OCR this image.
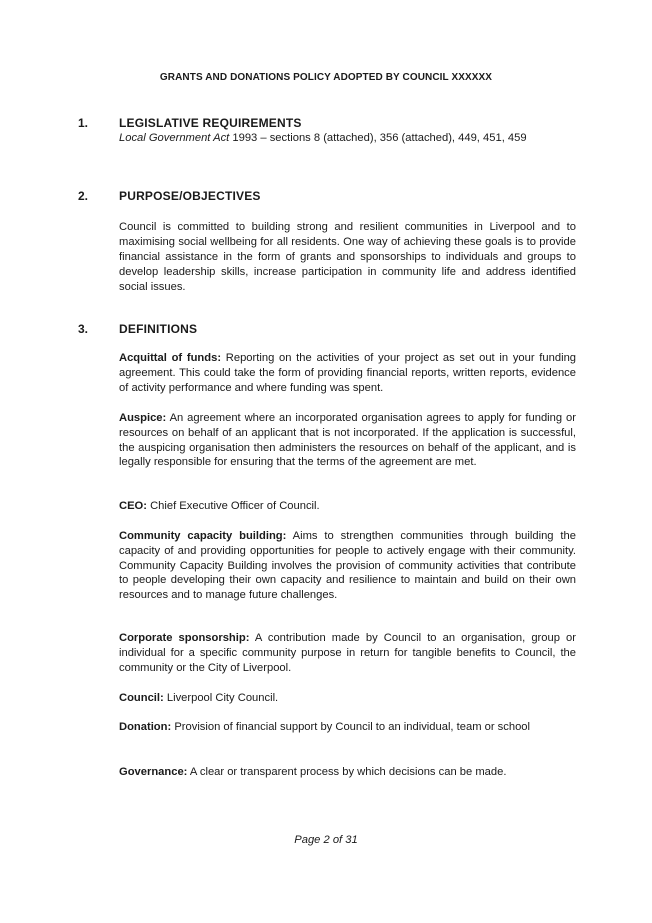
GRANTS AND DONATIONS POLICY ADOPTED BY COUNCIL XXXXXX
1.	LEGISLATIVE REQUIREMENTS
Local Government Act 1993 – sections 8 (attached), 356 (attached), 449, 451, 459
2.	PURPOSE/OBJECTIVES
Council is committed to building strong and resilient communities in Liverpool and to maximising social wellbeing for all residents. One way of achieving these goals is to provide financial assistance in the form of grants and sponsorships to individuals and groups to develop leadership skills, increase participation in community life and address identified social issues.
3.	DEFINITIONS
Acquittal of funds: Reporting on the activities of your project as set out in your funding agreement. This could take the form of providing financial reports, written reports, evidence of activity performance and where funding was spent.
Auspice: An agreement where an incorporated organisation agrees to apply for funding or resources on behalf of an applicant that is not incorporated. If the application is successful, the auspicing organisation then administers the resources on behalf of the applicant, and is legally responsible for ensuring that the terms of the agreement are met.
CEO: Chief Executive Officer of Council.
Community capacity building: Aims to strengthen communities through building the capacity of and providing opportunities for people to actively engage with their community. Community Capacity Building involves the provision of community activities that contribute to people developing their own capacity and resilience to maintain and build on their own resources and to manage future challenges.
Corporate sponsorship: A contribution made by Council to an organisation, group or individual for a specific community purpose in return for tangible benefits to Council, the community or the City of Liverpool.
Council: Liverpool City Council.
Donation: Provision of financial support by Council to an individual, team or school
Governance: A clear or transparent process by which decisions can be made.
Page 2 of 31
